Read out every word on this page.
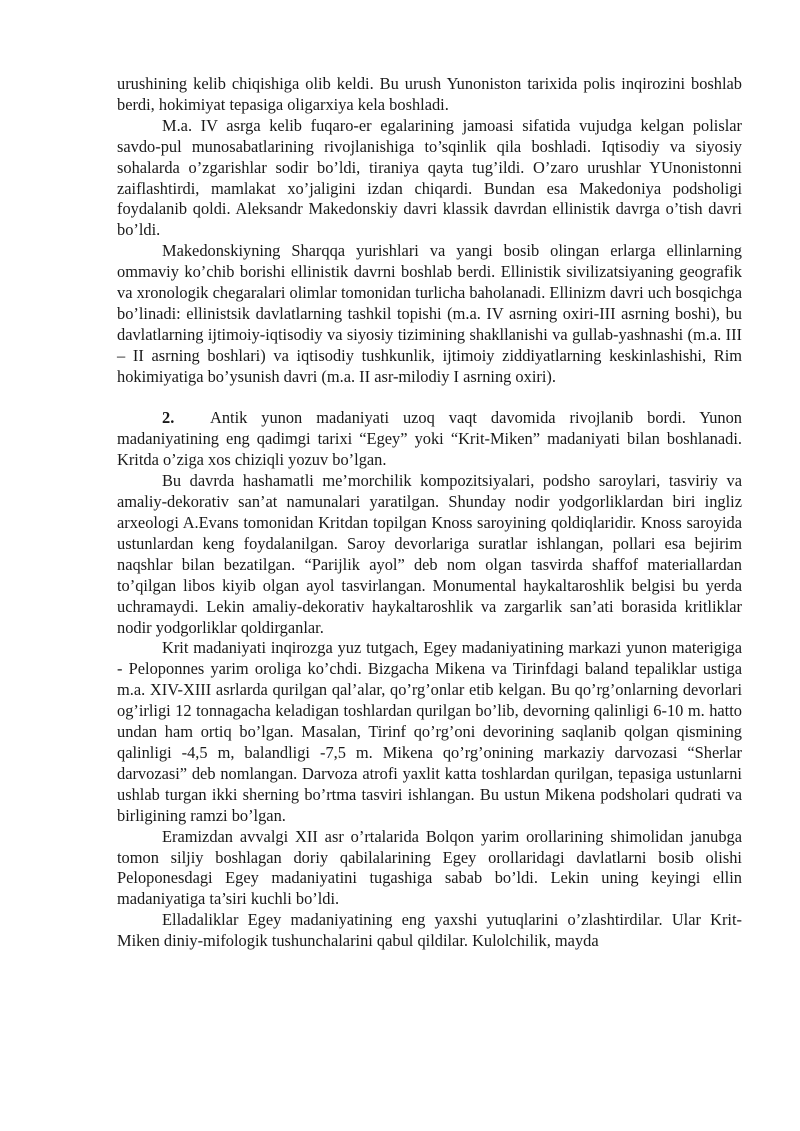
urushining kelib chiqishiga olib keldi. Bu urush Yunoniston tarixida polis inqirozini boshlab berdi, hokimiyat tepasiga oligarxiya kela boshladi.

M.a. IV asrga kelib fuqaro-er egalarining jamoasi sifatida vujudga kelgan polislar savdo-pul munosabatlarining rivojlanishiga to’sqinlik qila boshladi. Iqtisodiy va siyosiy sohalarda o’zgarishlar sodir bo’ldi, tiraniya qayta tug’ildi. O’zaro urushlar YUnonistonni zaiflashtirdi, mamlakat xo’jaligini izdan chiqardi. Bundan esa Makedoniya podsholigi foydalanib qoldi. Aleksandr Makedonskiy davri klassik davrdan ellinistik davrga o’tish davri bo’ldi.

Makedonskiyning Sharqqa yurishlari va yangi bosib olingan erlarga ellinlarning ommaviy ko’chib borishi ellinistik davrni boshlab berdi. Ellinistik sivilizatsiyaning geografik va xronologik chegaralari olimlar tomonidan turlicha baholanadi. Ellinizm davri uch bosqichga bo’linadi: ellinistsik davlatlarning tashkil topishi (m.a. IV asrning oxiri-III asrning boshi), bu davlatlarning ijtimoiy-iqtisodiy va siyosiy tizimining shakllanishi va gullab-yashnashi (m.a. III – II asrning boshlari) va iqtisodiy tushkunlik, ijtimoiy ziddiyatlarning keskinlashishi, Rim hokimiyatiga bo’ysunish davri (m.a. II asr-milodiy I asrning oxiri).

2. Antik yunon madaniyati uzoq vaqt davomida rivojlanib bordi. Yunon madaniyatining eng qadimgi tarixi “Egey” yoki “Krit-Miken” madaniyati bilan boshlanadi. Kritda o’ziga xos chiziqli yozuv bo’lgan.

Bu davrda hashamatli me’morchilik kompozitsiyalari, podsho saroylari, tasviriy va amaliy-dekorativ san’at namunalari yaratilgan. Shunday nodir yodgorliklardan biri ingliz arxeologi A.Evans tomonidan Kritdan topilgan Knoss saroyining qoldiqlaridir. Knoss saroyida ustunlardan keng foydalanilgan. Saroy devorlariga suratlar ishlangan, pollari esa bejirim naqshlar bilan bezatilgan. “Parijlik ayol” deb nom olgan tasvirda shaffof materiallardan to’qilgan libos kiyib olgan ayol tasvirlangan. Monumental haykaltaroshlik belgisi bu yerda uchramaydi. Lekin amaliy-dekorativ haykaltaroshlik va zargarlik san’ati borasida kritliklar nodir yodgorliklar qoldirganlar.

Krit madaniyati inqirozga yuz tutgach, Egey madaniyatining markazi yunon materigiga - Peloponnes yarim oroliga ko’chdi. Bizgacha Mikena va Tirinfdagi baland tepaliklar ustiga m.a. XIV-XIII asrlarda qurilgan qal’alar, qo’rg’onlar etib kelgan. Bu qo’rg’onlarning devorlari og’irligi 12 tonnagacha keladigan toshlardan qurilgan bo’lib, devorning qalinligi 6-10 m. hatto undan ham ortiq bo’lgan. Masalan, Tirinf qo’rg’oni devorining saqlanib qolgan qismining qalinligi -4,5 m, balandligi -7,5 m. Mikena qo’rg’onining markaziy darvozasi “Sherlar darvozasi” deb nomlangan. Darvoza atrofi yaxlit katta toshlardan qurilgan, tepasiga ustunlarni ushlab turgan ikki sherning bo’rtma tasviri ishlangan. Bu ustun Mikena podsholari qudrati va birligining ramzi bo’lgan.

Eramizdan avvalgi XII asr o’rtalarida Bolqon yarim orollarining shimolidan janubga tomon siljiy boshlagan doriy qabilalarining Egey orollaridagi davlatlarni bosib olishi Peloponesdagi Egey madaniyatini tugashiga sabab bo’ldi. Lekin uning keyingi ellin madaniyatiga ta’siri kuchli bo’ldi.

Elladaliklar Egey madaniyatining eng yaxshi yutuqlarini o’zlashtirdilar. Ular Krit-Miken diniy-mifologik tushunchalarini qabul qildilar. Kulolchilik, mayda
